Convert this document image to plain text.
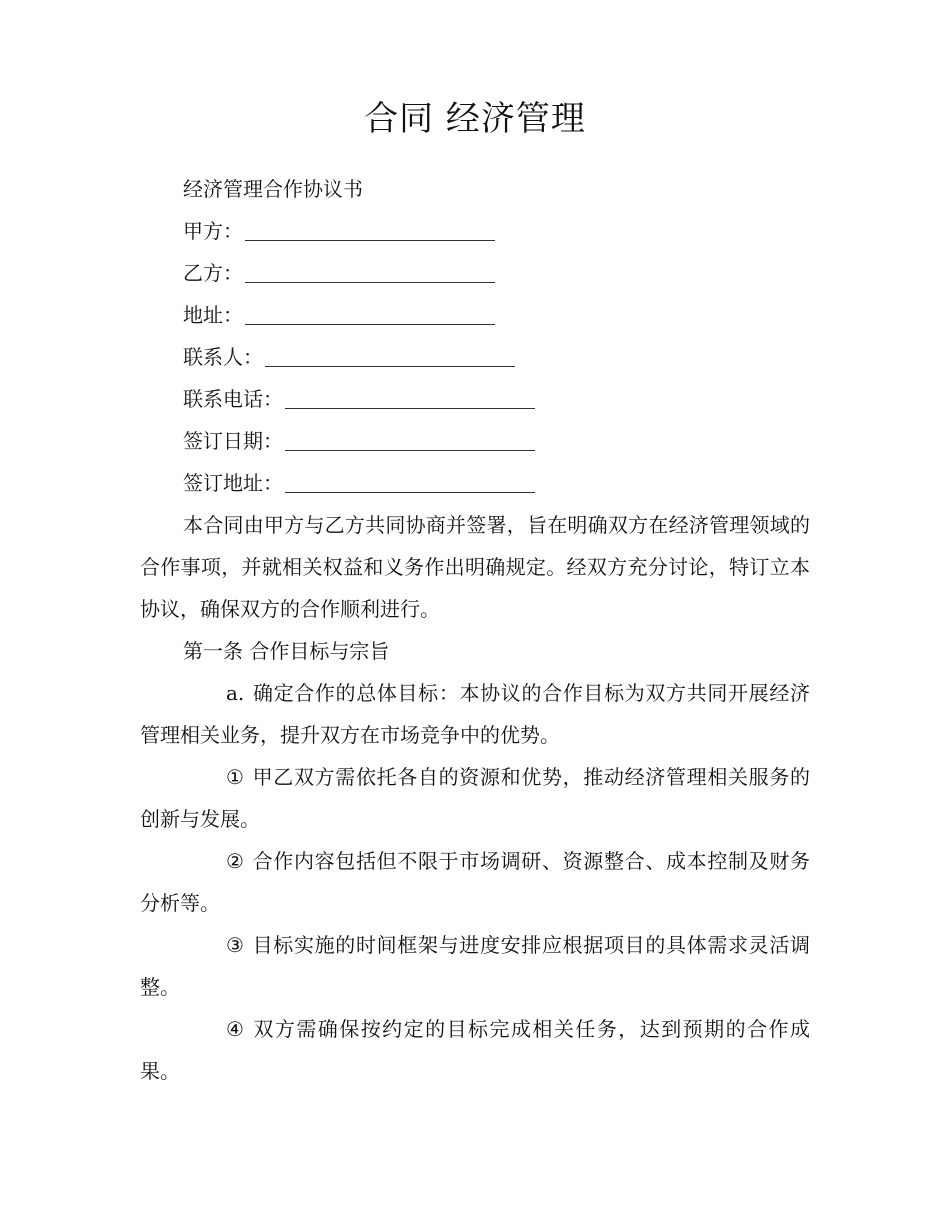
合同 经济管理
经济管理合作协议书
甲方：
乙方：
地址：
联系人：
联系电话：
签订日期：
签订地址：

本合同由甲方与乙方共同协商并签署，旨在明确双方在经济管理领域的合作事项，并就相关权益和义务作出明确规定。经双方充分讨论，特订立本协议，确保双方的合作顺利进行。

第一条 合作目标与宗旨

a. 确定合作的总体目标：本协议的合作目标为双方共同开展经济管理相关业务，提升双方在市场竞争中的优势。

① 甲乙双方需依托各自的资源和优势，推动经济管理相关服务的创新与发展。

② 合作内容包括但不限于市场调研、资源整合、成本控制及财务分析等。

③ 目标实施的时间框架与进度安排应根据项目的具体需求灵活调整。

④ 双方需确保按约定的目标完成相关任务，达到预期的合作成果。
